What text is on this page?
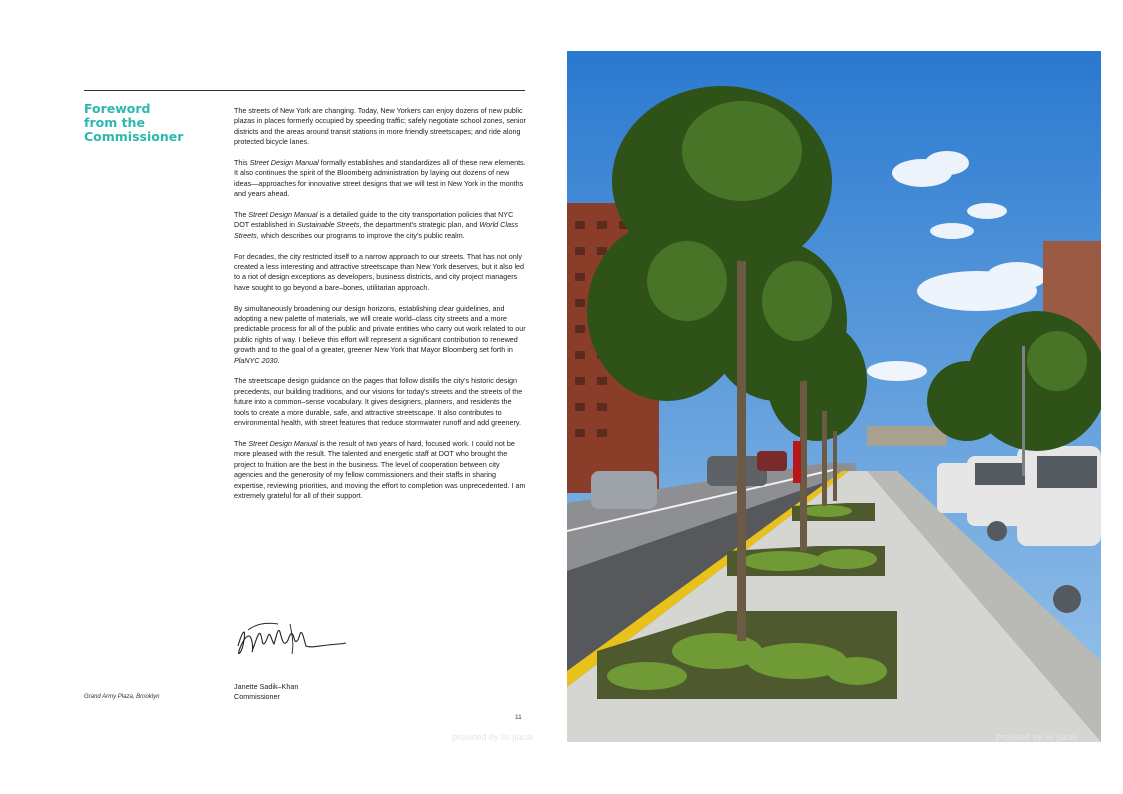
Foreword
from the
Commissioner

The streets of New York are changing. Today, New Yorkers can enjoy dozens of new public plazas in places formerly occupied by speeding traffic; safely negotiate school zones, senior districts and the areas around transit stations in more friendly streetscapes; and ride along protected bicycle lanes.

This Street Design Manual formally establishes and standardizes all of these new elements. It also continues the spirit of the Bloomberg administration by laying out dozens of new ideas—approaches for innovative street designs that we will test in New York in the months and years ahead.

The Street Design Manual is a detailed guide to the city transportation policies that NYC DOT established in Sustainable Streets, the department's strategic plan, and World Class Streets, which describes our programs to improve the city's public realm.

For decades, the city restricted itself to a narrow approach to our streets. That has not only created a less interesting and attractive streetscape than New York deserves, but it also led to a riot of design exceptions as developers, business districts, and city project managers have sought to go beyond a bare–bones, utilitarian approach.

By simultaneously broadening our design horizons, establishing clear guidelines, and adopting a new palette of materials, we will create world–class city streets and a more predictable process for all of the public and private entities who carry out work related to our public rights of way. I believe this effort will represent a significant contribution to renewed growth and to the goal of a greater, greener New York that Mayor Bloomberg set forth in PlaNYC 2030.

The streetscape design guidance on the pages that follow distills the city's historic design precedents, our building traditions, and our visions for today's streets and the streets of the future into a common–sense vocabulary. It gives designers, planners, and residents the tools to create a more durable, safe, and attractive streetscape. It also contributes to environmental health, with street features that reduce stormwater runoff and add greenery.

The Street Design Manual is the result of two years of hard, focused work. I could not be more pleased with the result. The talented and energetic staff at DOT who brought the project to fruition are the best in the business. The level of cooperation between city agencies and the generosity of my fellow commissioners and their staffs in sharing expertise, reviewing priorities, and moving the effort to completion was unprecedented. I am extremely grateful for all of their support.

Janette Sadik–Khan
Commissioner
Grand Army Plaza, Brooklyn
11
provided by liu jiacai	provided by liu jiacai
